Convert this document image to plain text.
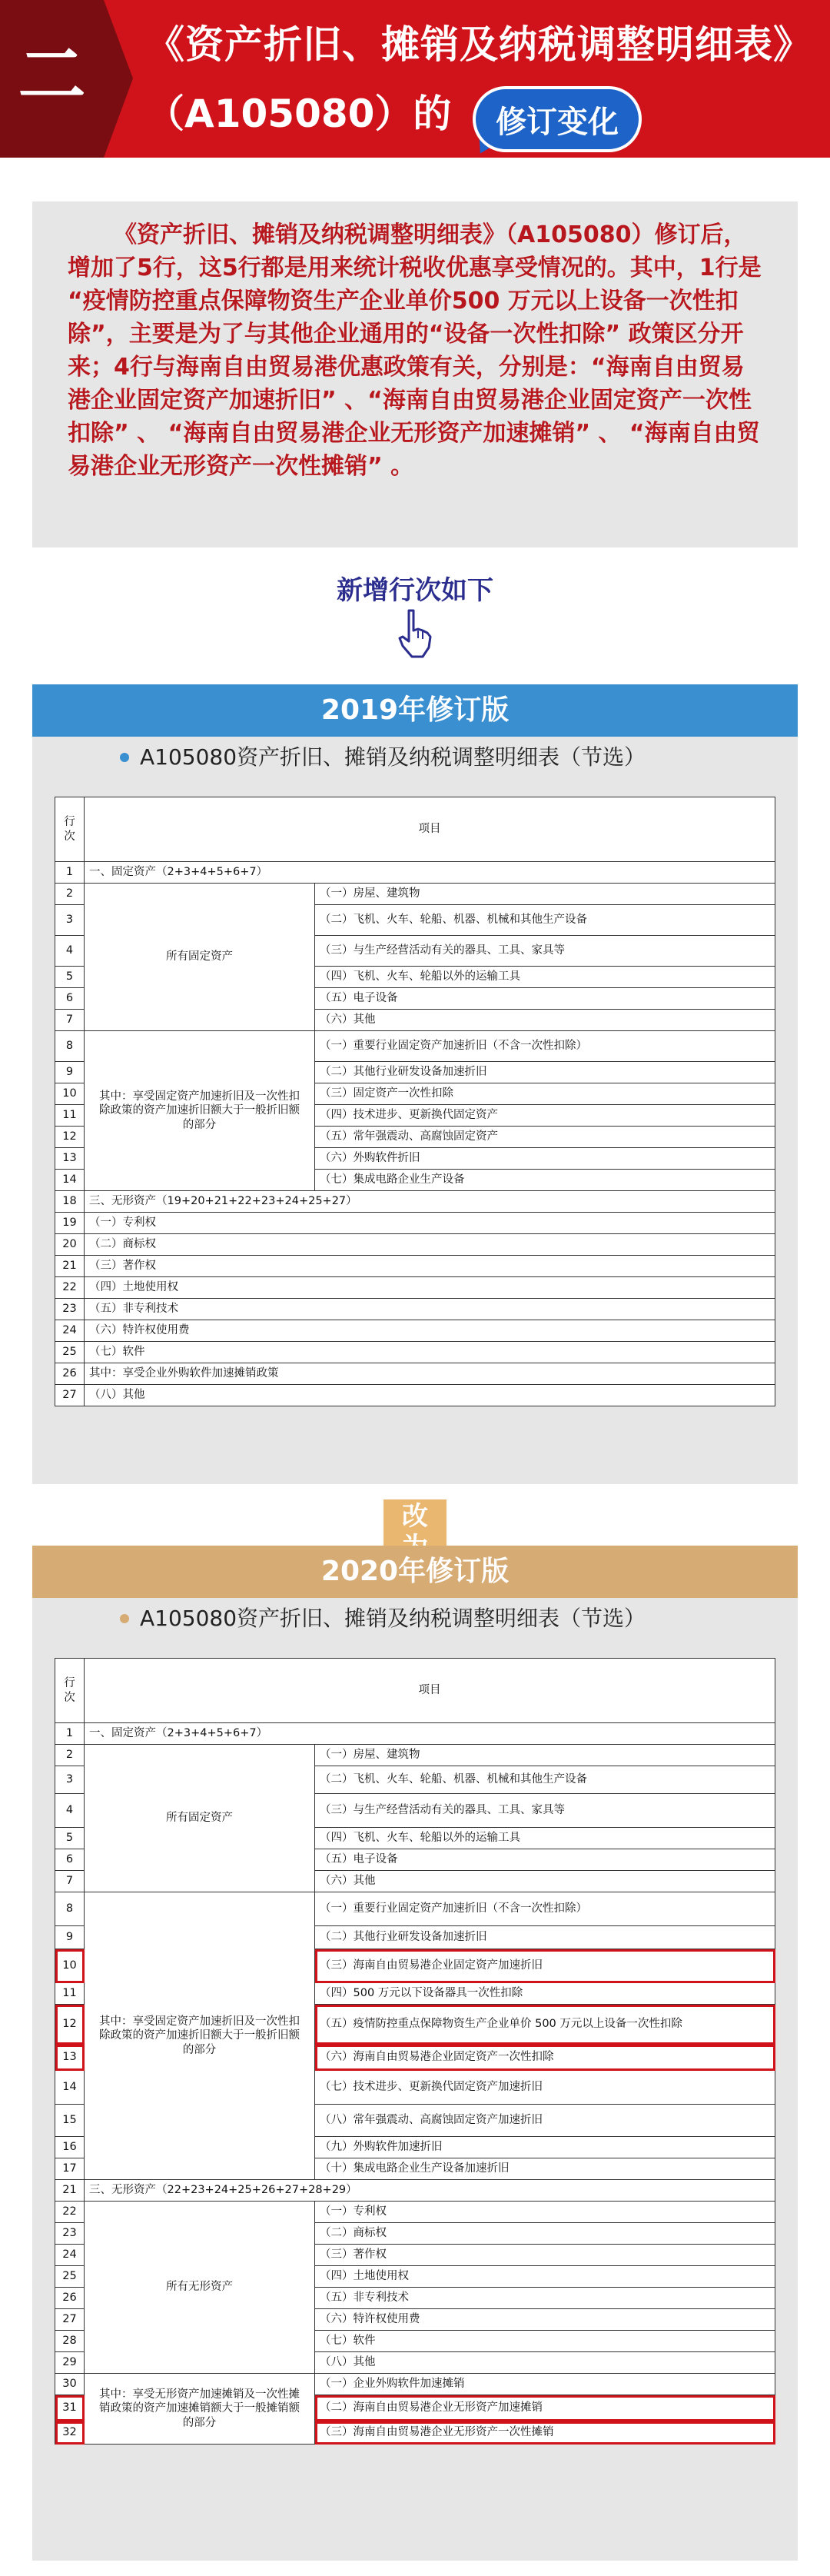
二	《资产折旧、摊销及纳税调整明细表》
（A105080）的	修订变化

《资产折旧、摊销及纳税调整明细表》（A105080）修订后，增加了5行，这5行都是用来统计税收优惠享受情况的。其中，1行是 “疫情防控重点保障物资生产企业单价500 万元以上设备一次性扣除”，主要是为了与其他企业通用的“设备一次性扣除” 政策区分开来；4行与海南自由贸易港优惠政策有关，分别是：“海南自由贸易港企业固定资产加速折旧” 、“海南自由贸易港企业固定资产一次性扣除” 、 “海南自由贸易港企业无形资产加速摊销” 、 “海南自由贸易港企业无形资产一次性摊销” 。

新增行次如下
2019年修订版
A105080资产折旧、摊销及纳税调整明细表（节选）
行次	项目	
1	一、固定资产（2+3+4+5+6+7）	
2	所有固定资产	（一）房屋、建筑物
3		（二）飞机、火车、轮船、机器、机械和其他生产设备
4		（三）与生产经营活动有关的器具、工具、家具等
5		（四）飞机、火车、轮船以外的运输工具
6		（五）电子设备
7		（六）其他
8	其中：享受固定资产加速折旧及一次性扣除政策的资产加速折旧额大于一般折旧额的部分	（一）重要行业固定资产加速折旧（不含一次性扣除）
9		（二）其他行业研发设备加速折旧
10		（三）固定资产一次性扣除
11		（四）技术进步、更新换代固定资产
12		（五）常年强震动、高腐蚀固定资产
13		（六）外购软件折旧
14		（七）集成电路企业生产设备
18	三、无形资产（19+20+21+22+23+24+25+27）	
19	（一）专利权	
20	（二）商标权	
21	（三）著作权	
22	（四）土地使用权	
23	（五）非专利技术	
24	（六）特许权使用费	
25	（七）软件	
26	其中：享受企业外购软件加速摊销政策	
27	（八）其他	
改
2020年修订版
A105080资产折旧、摊销及纳税调整明细表（节选）
行次	项目	
1	一、固定资产（2+3+4+5+6+7）	
2	所有固定资产	（一）房屋、建筑物
3		（二）飞机、火车、轮船、机器、机械和其他生产设备
4		（三）与生产经营活动有关的器具、工具、家具等
5		（四）飞机、火车、轮船以外的运输工具
6		（五）电子设备
7		（六）其他
8	其中：享受固定资产加速折旧及一次性扣除政策的资产加速折旧额大于一般折旧额的部分	（一）重要行业固定资产加速折旧（不含一次性扣除）
9		（二）其他行业研发设备加速折旧
10		（三）海南自由贸易港企业固定资产加速折旧
11		（四）500 万元以下设备器具一次性扣除
12		（五）疫情防控重点保障物资生产企业单价 500 万元以上设备一次性扣除
13		（六）海南自由贸易港企业固定资产一次性扣除
14		（七）技术进步、更新换代固定资产加速折旧
15		（八）常年强震动、高腐蚀固定资产加速折旧
16		（九）外购软件加速折旧
17		（十）集成电路企业生产设备加速折旧
21	三、无形资产（22+23+24+25+26+27+28+29）	
22	所有无形资产	（一）专利权
23		（二）商标权
24		（三）著作权
25		（四）土地使用权
26		（五）非专利技术
27		（六）特许权使用费
28		（七）软件
29		（八）其他
30	其中：享受无形资产加速摊销及一次性摊销政策的资产加速摊销额大于一般摊销额的部分	（一）企业外购软件加速摊销
31		（二）海南自由贸易港企业无形资产加速摊销
32		（三）海南自由贸易港企业无形资产一次性摊销
